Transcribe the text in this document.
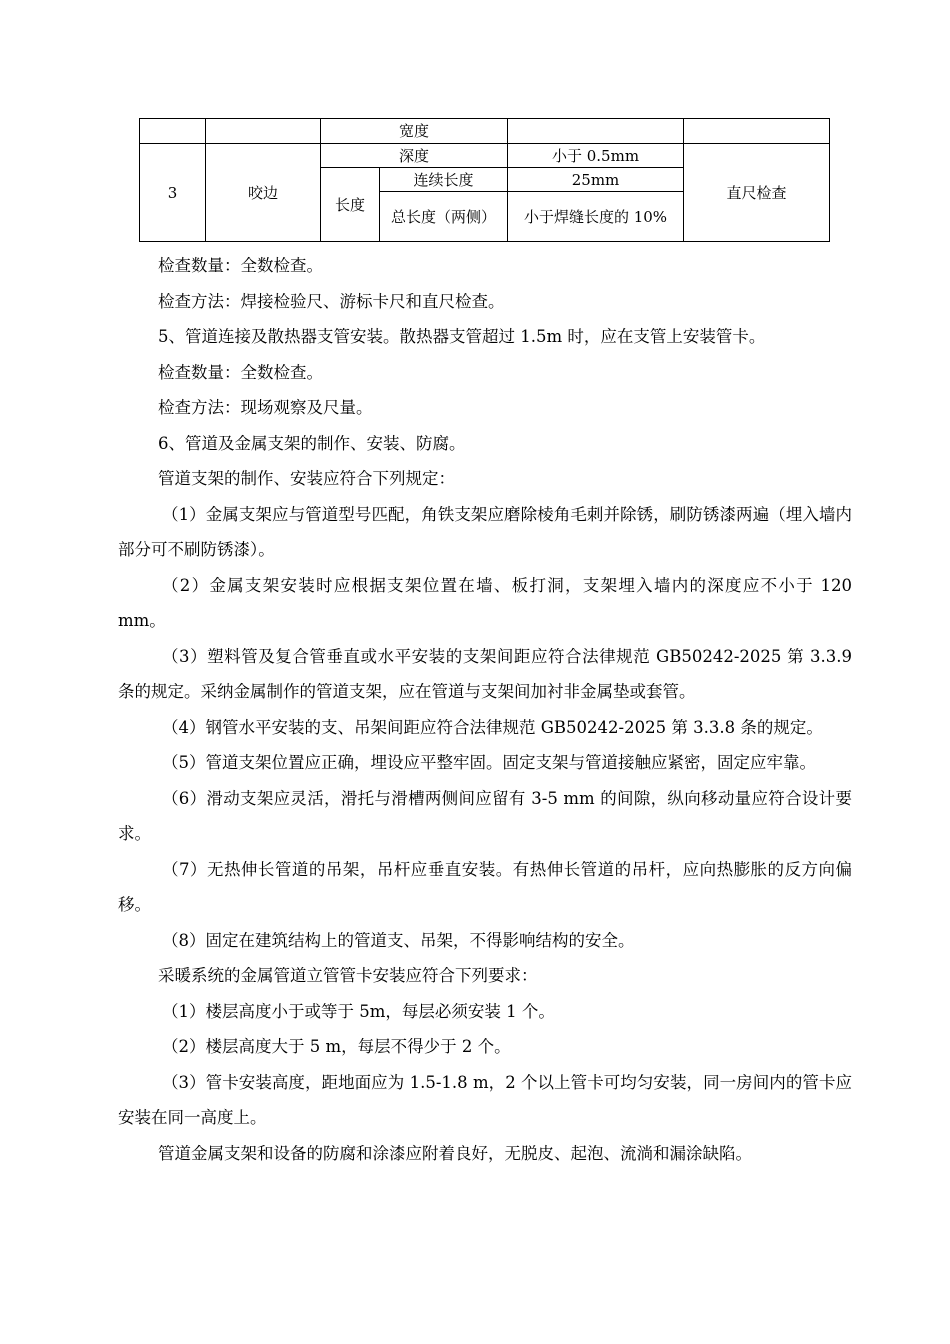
		宽度			
3	咬边	深度		小于 0.5mm	直尺检查
		长度	连续长度	25mm	
			总长度（两侧）	小于焊缝长度的 10%	

检查数量：全数检查。

检查方法：焊接检验尺、游标卡尺和直尺检查。

5、管道连接及散热器支管安装。散热器支管超过 1.5m 时，应在支管上安装管卡。

检查数量：全数检查。

检查方法：现场观察及尺量。

6、管道及金属支架的制作、安装、防腐。

管道支架的制作、安装应符合下列规定：

（1）金属支架应与管道型号匹配，角铁支架应磨除棱角毛刺并除锈，刷防锈漆两遍（埋入墙内部分可不刷防锈漆）。

（2）金属支架安装时应根据支架位置在墙、板打洞，支架埋入墙内的深度应不小于 120 mm。

（3）塑料管及复合管垂直或水平安装的支架间距应符合法律规范 GB50242-2025 第 3.3.9 条的规定。采纳金属制作的管道支架，应在管道与支架间加衬非金属垫或套管。

（4）钢管水平安装的支、吊架间距应符合法律规范 GB50242-2025 第 3.3.8 条的规定。

（5）管道支架位置应正确，埋设应平整牢固。固定支架与管道接触应紧密，固定应牢靠。

（6）滑动支架应灵活，滑托与滑槽两侧间应留有 3-5 mm 的间隙，纵向移动量应符合设计要求。

（7）无热伸长管道的吊架，吊杆应垂直安装。有热伸长管道的吊杆，应向热膨胀的反方向偏移。

（8）固定在建筑结构上的管道支、吊架，不得影响结构的安全。

采暖系统的金属管道立管管卡安装应符合下列要求：

（1）楼层高度小于或等于 5m，每层必须安装 1 个。

（2）楼层高度大于 5 m，每层不得少于 2 个。

（3）管卡安装高度，距地面应为 1.5-1.8 m，2 个以上管卡可均匀安装，同一房间内的管卡应安装在同一高度上。

管道金属支架和设备的防腐和涂漆应附着良好，无脱皮、起泡、流淌和漏涂缺陷。
